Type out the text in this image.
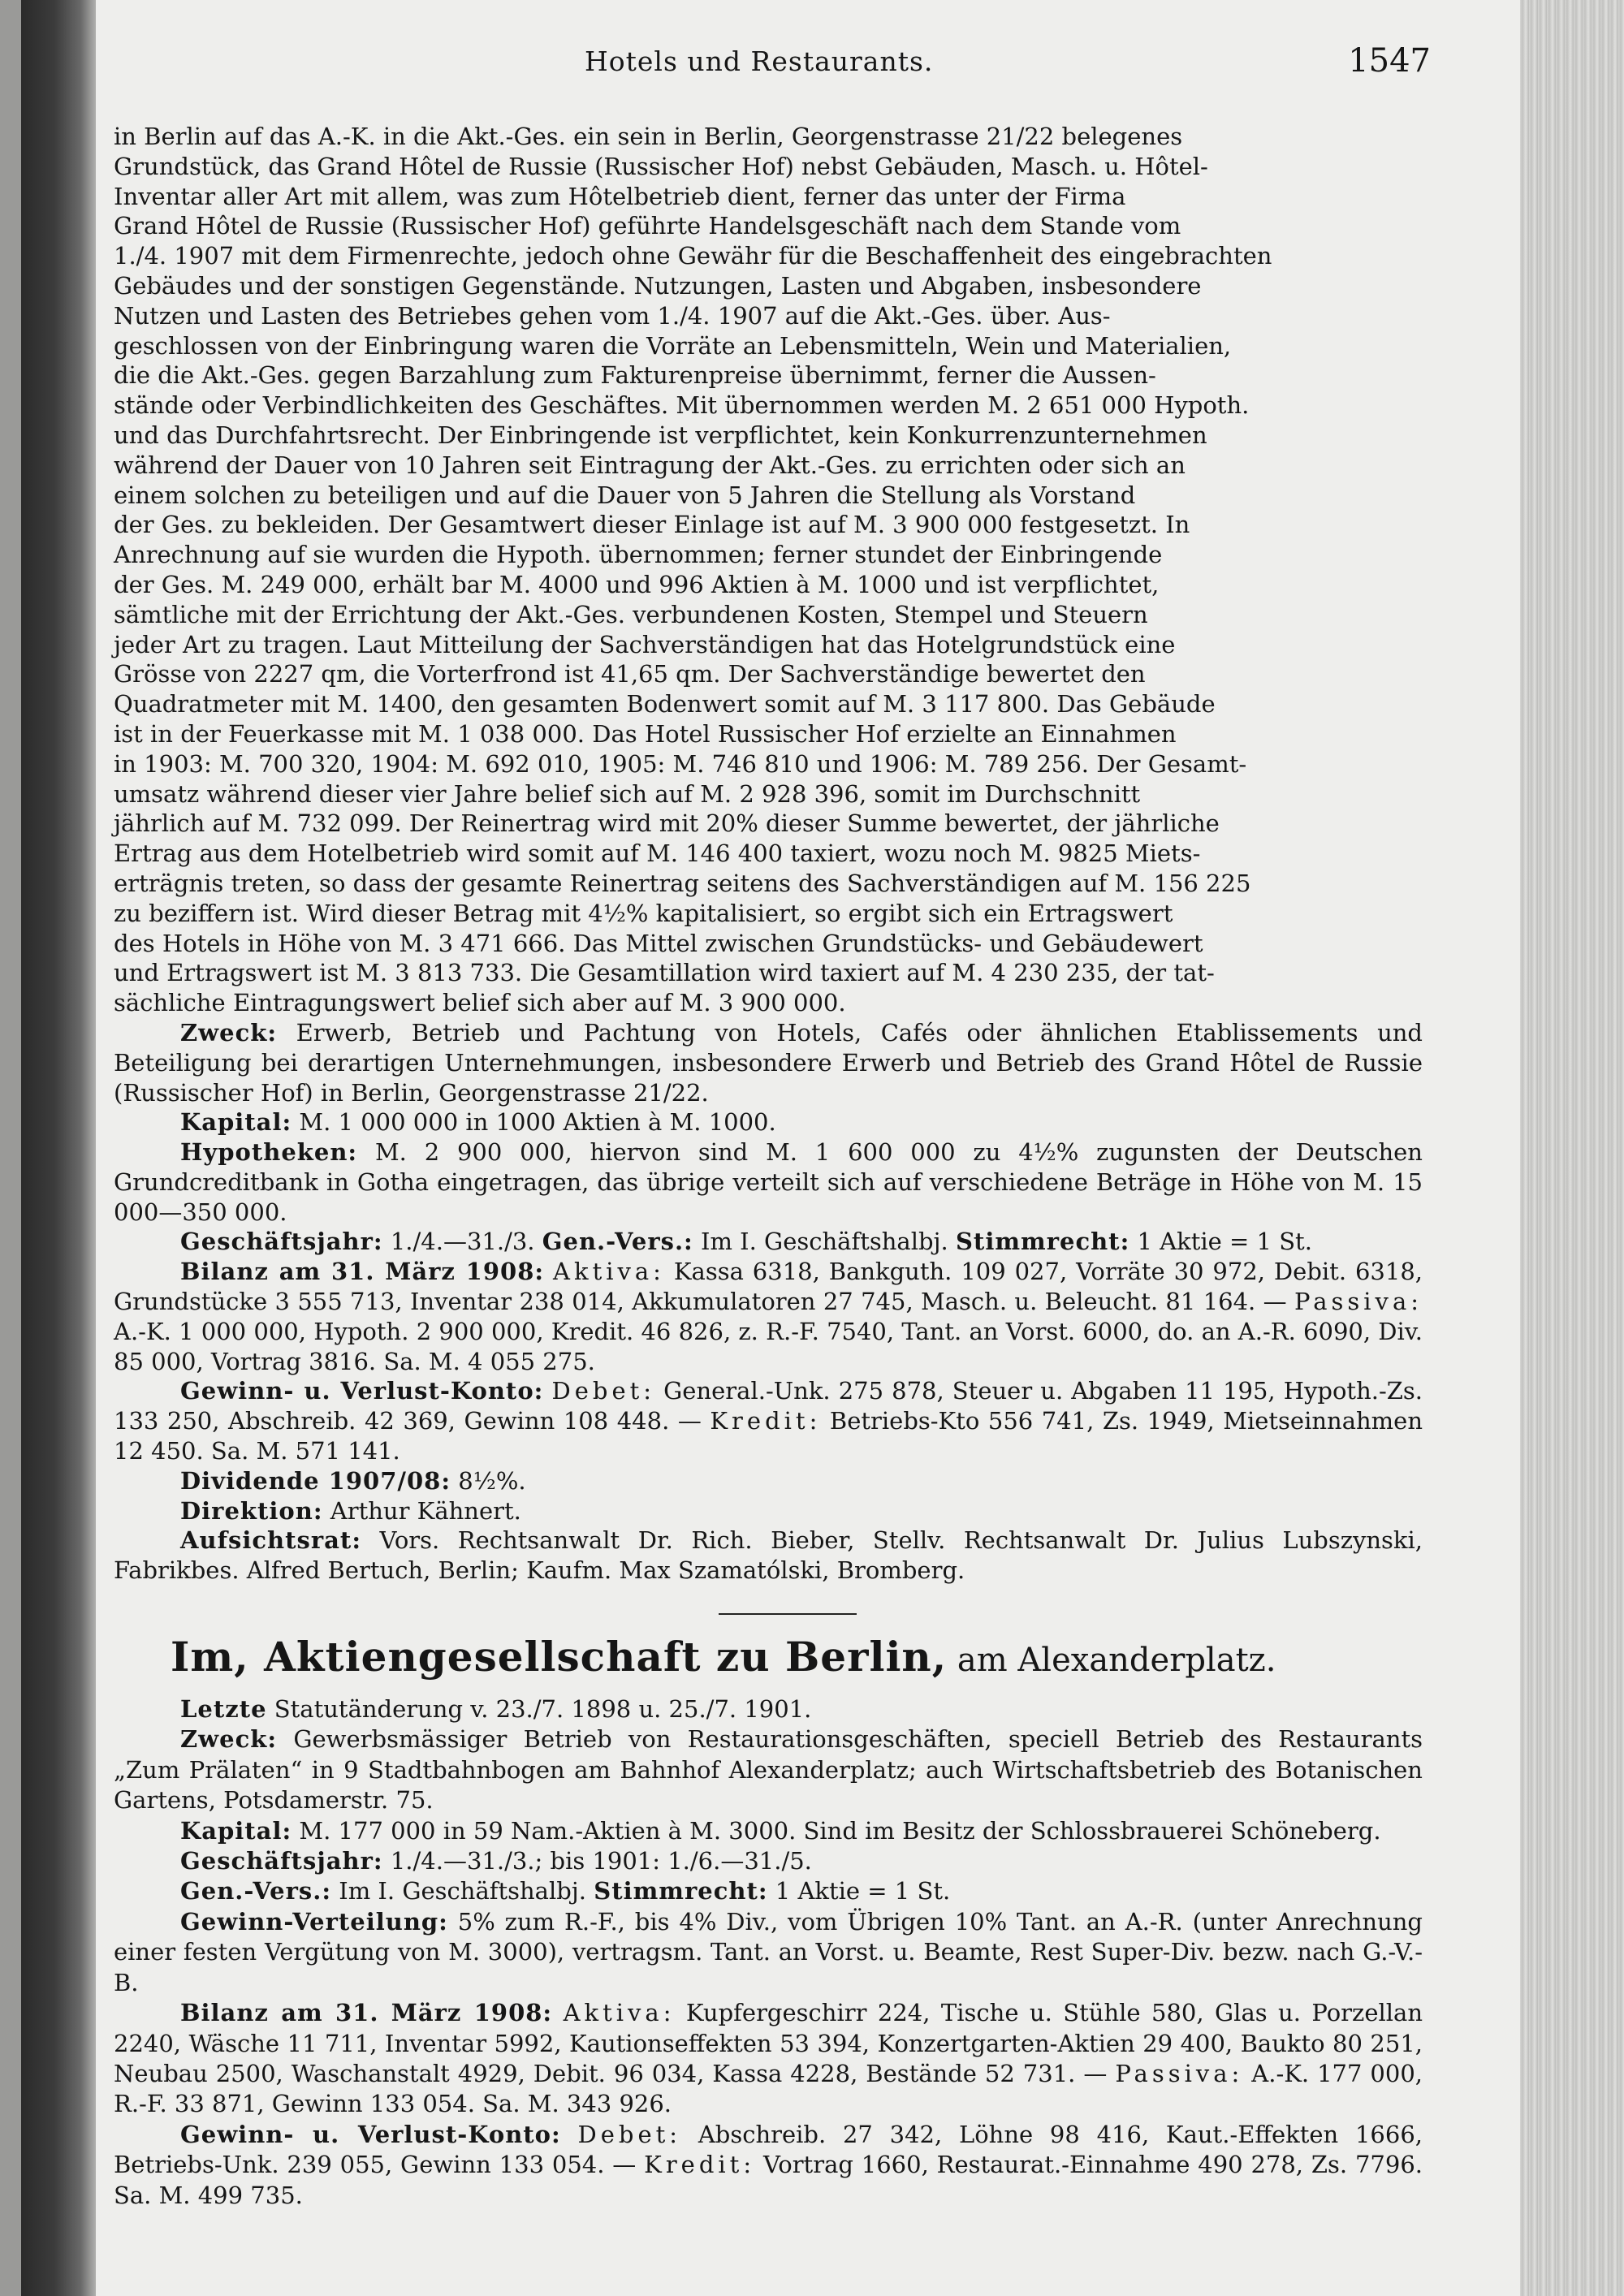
Hotels und Restaurants.	1547
in Berlin auf das A.-K. in die Akt.-Ges. ein sein in Berlin, Georgenstrasse 21/22 belegenes
Grundstück, das Grand Hôtel de Russie (Russischer Hof) nebst Gebäuden, Masch. u. Hôtel-
Inventar aller Art mit allem, was zum Hôtelbetrieb dient, ferner das unter der Firma
Grand Hôtel de Russie (Russischer Hof) geführte Handelsgeschäft nach dem Stande vom
1./4. 1907 mit dem Firmenrechte, jedoch ohne Gewähr für die Beschaffenheit des eingebrachten
Gebäudes und der sonstigen Gegenstände. Nutzungen, Lasten und Abgaben, insbesondere
Nutzen und Lasten des Betriebes gehen vom 1./4. 1907 auf die Akt.-Ges. über. Aus-
geschlossen von der Einbringung waren die Vorräte an Lebensmitteln, Wein und Materialien,
die die Akt.-Ges. gegen Barzahlung zum Fakturenpreise übernimmt, ferner die Aussen-
stände oder Verbindlichkeiten des Geschäftes. Mit übernommen werden M. 2 651 000 Hypoth.
und das Durchfahrtsrecht. Der Einbringende ist verpflichtet, kein Konkurrenzunternehmen
während der Dauer von 10 Jahren seit Eintragung der Akt.-Ges. zu errichten oder sich an
einem solchen zu beteiligen und auf die Dauer von 5 Jahren die Stellung als Vorstand
der Ges. zu bekleiden. Der Gesamtwert dieser Einlage ist auf M. 3 900 000 festgesetzt. In
Anrechnung auf sie wurden die Hypoth. übernommen; ferner stundet der Einbringende
der Ges. M. 249 000, erhält bar M. 4000 und 996 Aktien à M. 1000 und ist verpflichtet,
sämtliche mit der Errichtung der Akt.-Ges. verbundenen Kosten, Stempel und Steuern
jeder Art zu tragen. Laut Mitteilung der Sachverständigen hat das Hotelgrundstück eine
Grösse von 2227 qm, die Vorterfrond ist 41,65 qm. Der Sachverständige bewertet den
Quadratmeter mit M. 1400, den gesamten Bodenwert somit auf M. 3 117 800. Das Gebäude
ist in der Feuerkasse mit M. 1 038 000. Das Hotel Russischer Hof erzielte an Einnahmen
in 1903: M. 700 320, 1904: M. 692 010, 1905: M. 746 810 und 1906: M. 789 256. Der Gesamt-
umsatz während dieser vier Jahre belief sich auf M. 2 928 396, somit im Durchschnitt
jährlich auf M. 732 099. Der Reinertrag wird mit 20% dieser Summe bewertet, der jährliche
Ertrag aus dem Hotelbetrieb wird somit auf M. 146 400 taxiert, wozu noch M. 9825 Miets-
erträgnis treten, so dass der gesamte Reinertrag seitens des Sachverständigen auf M. 156 225
zu beziffern ist. Wird dieser Betrag mit 4½% kapitalisiert, so ergibt sich ein Ertragswert
des Hotels in Höhe von M. 3 471 666. Das Mittel zwischen Grundstücks- und Gebäudewert
und Ertragswert ist M. 3 813 733. Die Gesamtillation wird taxiert auf M. 4 230 235, der tat-
sächliche Eintragungswert belief sich aber auf M. 3 900 000.

Zweck: Erwerb, Betrieb und Pachtung von Hotels, Cafés oder ähnlichen Etablissements und Beteiligung bei derartigen Unternehmungen, insbesondere Erwerb und Betrieb des Grand Hôtel de Russie (Russischer Hof) in Berlin, Georgenstrasse 21/22.

Kapital: M. 1 000 000 in 1000 Aktien à M. 1000.

Hypotheken: M. 2 900 000, hiervon sind M. 1 600 000 zu 4½% zugunsten der Deutschen Grundcreditbank in Gotha eingetragen, das übrige verteilt sich auf verschiedene Beträge in Höhe von M. 15 000—350 000.

Geschäftsjahr: 1./4.—31./3. Gen.-Vers.: Im I. Geschäftshalbj. Stimmrecht: 1 Aktie = 1 St.

Bilanz am 31. März 1908: Aktiva: Kassa 6318, Bankguth. 109 027, Vorräte 30 972, Debit. 6318, Grundstücke 3 555 713, Inventar 238 014, Akkumulatoren 27 745, Masch. u. Beleucht. 81 164. — Passiva: A.-K. 1 000 000, Hypoth. 2 900 000, Kredit. 46 826, z. R.-F. 7540, Tant. an Vorst. 6000, do. an A.-R. 6090, Div. 85 000, Vortrag 3816. Sa. M. 4 055 275.

Gewinn- u. Verlust-Konto: Debet: General.-Unk. 275 878, Steuer u. Abgaben 11 195, Hypoth.-Zs. 133 250, Abschreib. 42 369, Gewinn 108 448. — Kredit: Betriebs-Kto 556 741, Zs. 1949, Mietseinnahmen 12 450. Sa. M. 571 141.

Dividende 1907/08: 8½%.

Direktion: Arthur Kähnert.

Aufsichtsrat: Vors. Rechtsanwalt Dr. Rich. Bieber, Stellv. Rechtsanwalt Dr. Julius Lubszynski, Fabrikbes. Alfred Bertuch, Berlin; Kaufm. Max Szamatólski, Bromberg.

Im, Aktiengesellschaft zu Berlin, am Alexanderplatz.

Letzte Statutänderung v. 23./7. 1898 u. 25./7. 1901.

Zweck: Gewerbsmässiger Betrieb von Restaurationsgeschäften, speciell Betrieb des Restaurants „Zum Prälaten“ in 9 Stadtbahnbogen am Bahnhof Alexanderplatz; auch Wirtschaftsbetrieb des Botanischen Gartens, Potsdamerstr. 75.

Kapital: M. 177 000 in 59 Nam.-Aktien à M. 3000. Sind im Besitz der Schlossbrauerei Schöneberg.

Geschäftsjahr: 1./4.—31./3.; bis 1901: 1./6.—31./5.

Gen.-Vers.: Im I. Geschäftshalbj. Stimmrecht: 1 Aktie = 1 St.

Gewinn-Verteilung: 5% zum R.-F., bis 4% Div., vom Übrigen 10% Tant. an A.-R. (unter Anrechnung einer festen Vergütung von M. 3000), vertragsm. Tant. an Vorst. u. Beamte, Rest Super-Div. bezw. nach G.-V.-B.

Bilanz am 31. März 1908: Aktiva: Kupfergeschirr 224, Tische u. Stühle 580, Glas u. Porzellan 2240, Wäsche 11 711, Inventar 5992, Kautionseffekten 53 394, Konzertgarten-Aktien 29 400, Baukto 80 251, Neubau 2500, Waschanstalt 4929, Debit. 96 034, Kassa 4228, Bestände 52 731. — Passiva: A.-K. 177 000, R.-F. 33 871, Gewinn 133 054. Sa. M. 343 926.

Gewinn- u. Verlust-Konto: Debet: Abschreib. 27 342, Löhne 98 416, Kaut.-Effekten 1666, Betriebs-Unk. 239 055, Gewinn 133 054. — Kredit: Vortrag 1660, Restaurat.-Einnahme 490 278, Zs. 7796. Sa. M. 499 735.
